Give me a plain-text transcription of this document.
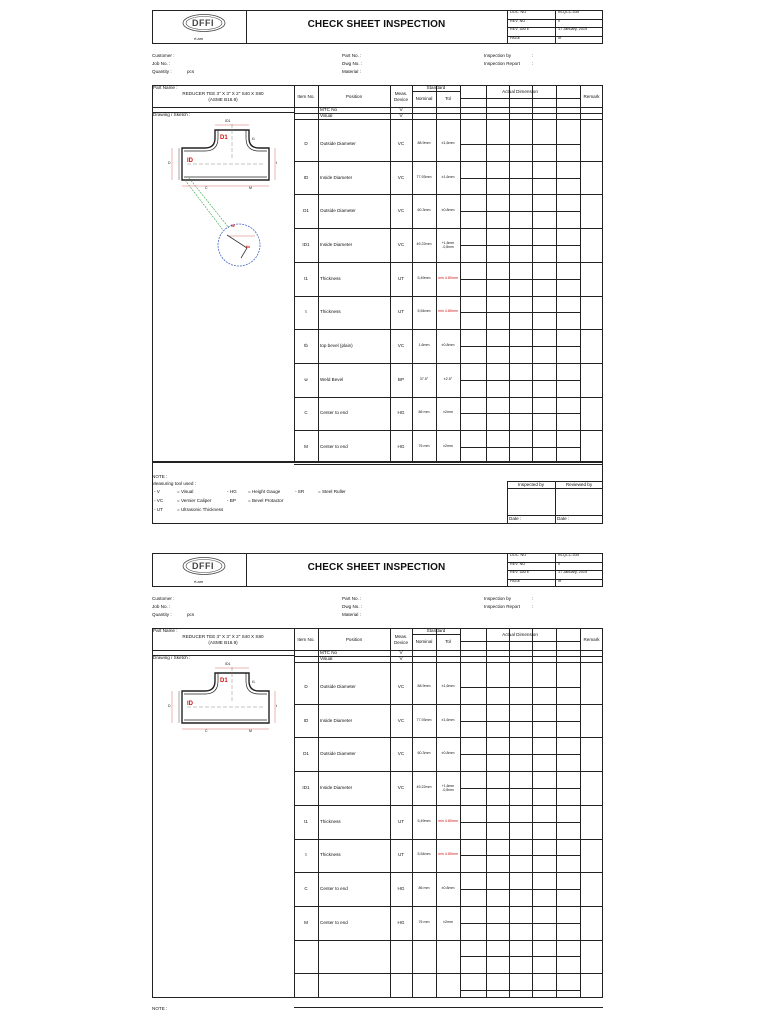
DFFI
rt.am
CHECK SHEET INSPECTION
DOC. NO	IN-QCC-034
REV. NO	0
REV. DATE	17 January, 2019
PAGE	of
Customer :
Job No. :
Quantity :	pcs
Part No. :
Dwg No. :
Material :
Inspection by
Inspection Report
:
:
Part Name :
REDUCER TEE 3" X 3" X 2" S40 X S80
(ASME B16.9)
Drawing / Sketch :
Item No.	Position
Meas.
Device
Standard
Nominal	Tol
Actual Dimension
Remark
MTC No	V
Visual	V
D	Outside Diameter	VC	88.9mm	±1,6mm
ID	Inside Diameter	VC	77.93mm	±1,6mm
D1	Outside Diameter	VC	60.3mm	±0.8mm
ID1	Inside Diameter	VC	49.22mm	+1,6mm -0,8mm
t1	Thickness	UT	5,49mm	min 4.80mm
t	Thickness	UT	5,54mm	min 4.85mm
tb	top bevel (plain)	VC	1.6mm	±0.8mm
w	Weld Bevel	BP	37.5°	±2.5°
C	Center to end	HG	86 mm	±2mm
M	Center to end	HG	76 mm	±2mm
D1
ID1
ID
D
t1
t
C	M
W
tb
NOTE :
Measuring tool used :
- V	= Visual	- HG = Height Gauge	- SR	= Steel Ruller
- VC	= Vernier Caliper	- BP	= Bevel Protactor
- UT	= Ultrasonic Thickness
Inspected by	Reviewed by
Date :	Date :
DFFI
rt.am
CHECK SHEET INSPECTION
DOC. NO	IN-QCC-034
REV. NO	0
REV. DATE	17 January, 2019
PAGE	of
Customer :
Job No. :
Quantity :	pcs
Part No. :
Dwg No. :
Material :
Inspection by
Inspection Report
:
:
Part Name :
REDUCER TEE 3" X 3" X 2" S40 X S80
(ASME B16.9)
Drawing / Sketch :
Item No.	Position
Meas.
Device
Standard
Nominal	Tol
Actual Dimension
Remark
MTC No	V
Visual	V
D	Outside Diameter	VC	88.9mm	±1,6mm
ID	Inside Diameter	VC	77.93mm	±1,6mm
D1	Outside Diameter	VC	60.3mm	±0.8mm
ID1	Inside Diameter	VC	49.22mm	+1,6mm -0,8mm
t1	Thickness	UT	5,49mm	min 4.80mm
t	Thickness	UT	5,54mm	min 4.85mm
C	Center to end	HG	86 mm	±0.8mm
M	Center to end	HG	76 mm	±2mm
D1
ID1
ID
D
t1
t
C	M
NOTE :
